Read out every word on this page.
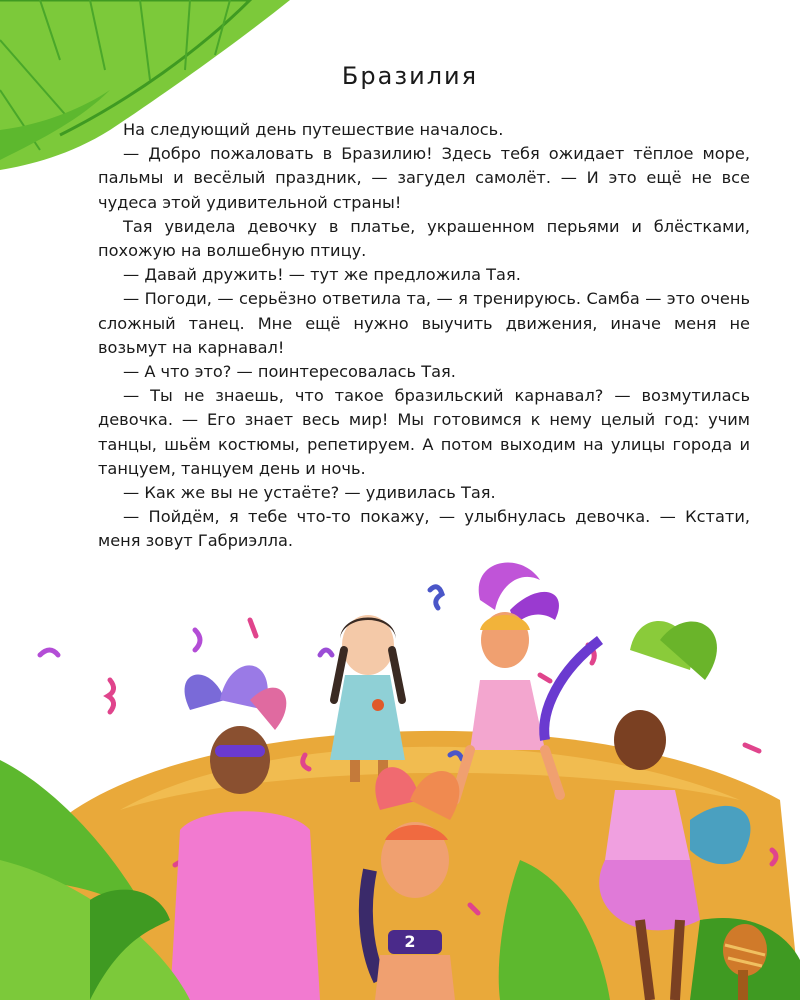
Бразилия

На следующий день путешествие началось.

— Добро пожаловать в Бразилию! Здесь тебя ожидает тёплое море, пальмы и весёлый праздник, — загудел самолёт. — И это ещё не все чудеса этой удивительной страны!

Тая увидела девочку в платье, украшенном перьями и блёстками, похожую на волшебную птицу.

— Давай дружить! — тут же предложила Тая.

— Погоди, — серьёзно ответила та, — я тренируюсь. Самба — это очень сложный танец. Мне ещё нужно выучить движения, иначе меня не возьмут на карнавал!

— А что это? — поинтересовалась Тая.

— Ты не знаешь, что такое бразильский карнавал? — возмутилась девочка. — Его знает весь мир! Мы готовимся к нему целый год: учим танцы, шьём костюмы, репетируем. А потом выходим на улицы города и танцуем, танцуем день и ночь.

— Как же вы не устаёте? — удивилась Тая.

— Пойдём, я тебе что-то покажу, — улыбнулась девочка. — Кстати, меня зовут Габриэлла.

2
